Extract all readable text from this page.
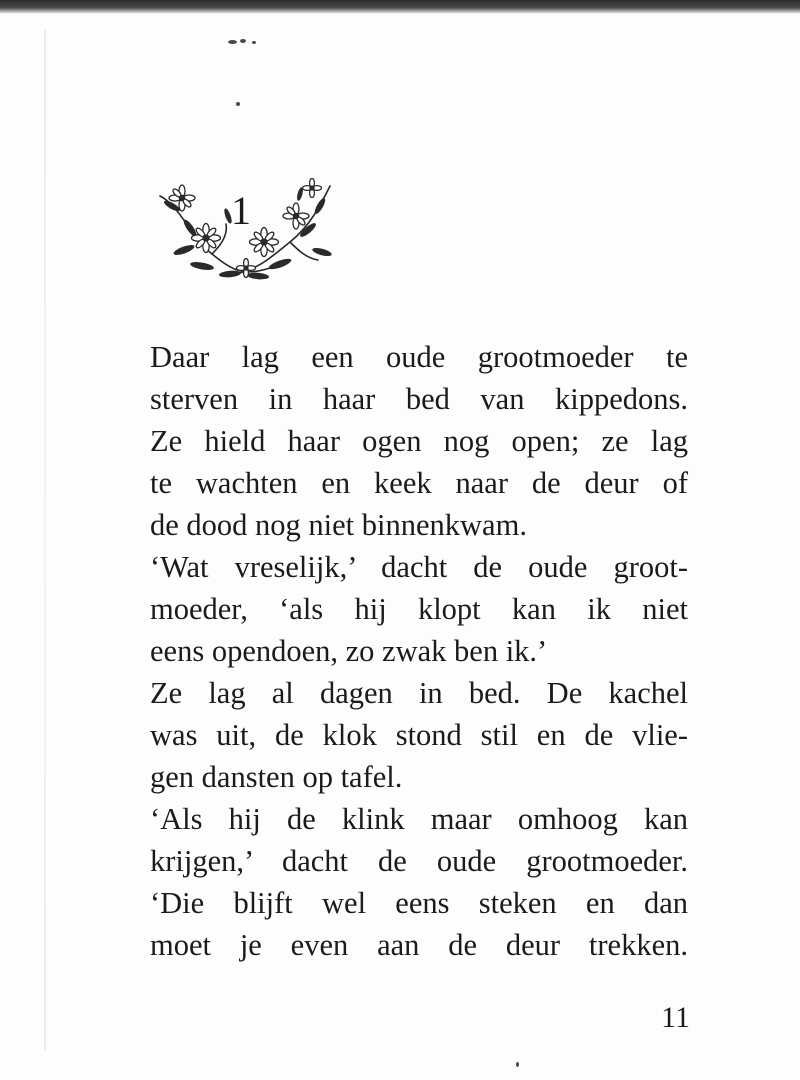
1
Daar lag een oude grootmoeder te
sterven in haar bed van kippedons.
Ze hield haar ogen nog open; ze lag
te wachten en keek naar de deur of
de dood nog niet binnenkwam.
‘Wat vreselijk,’ dacht de oude groot-
moeder, ‘als hij klopt kan ik niet
eens opendoen, zo zwak ben ik.’
Ze lag al dagen in bed. De kachel
was uit, de klok stond stil en de vlie-
gen dansten op tafel.
‘Als hij de klink maar omhoog kan
krijgen,’ dacht de oude grootmoeder.
‘Die blijft wel eens steken en dan
moet je even aan de deur trekken.
11
